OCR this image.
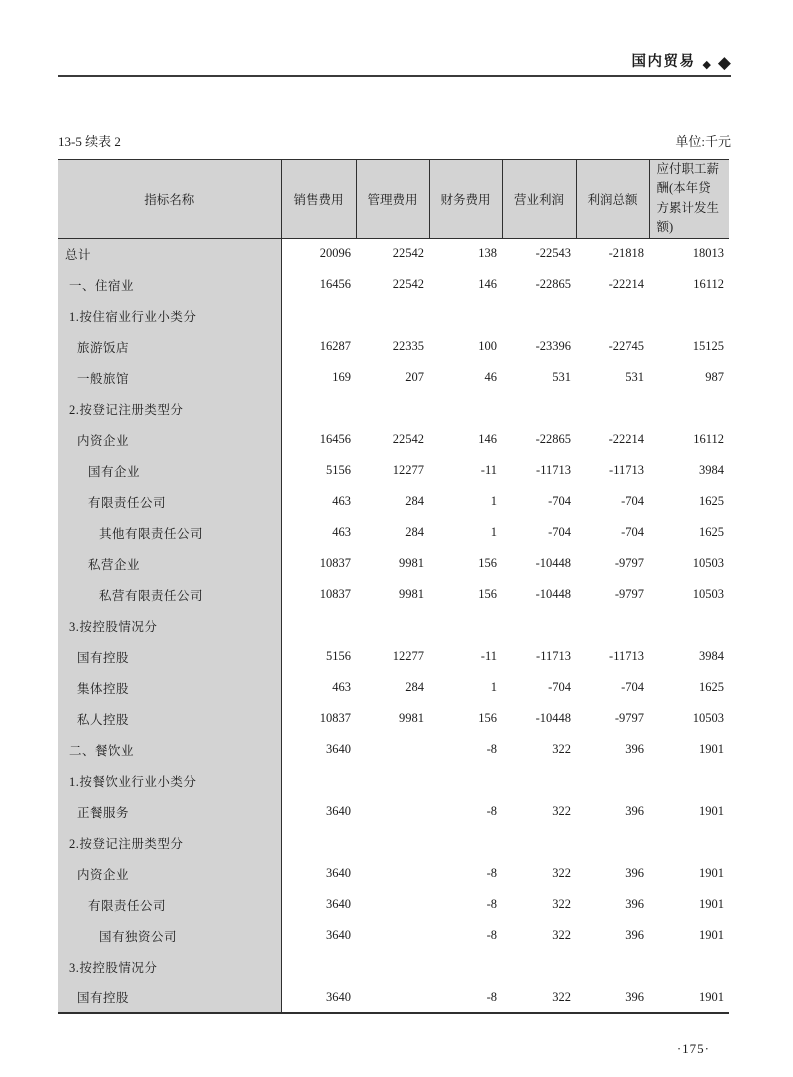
国内贸易 ◆ ◆
13-5 续表 2	单位:千元
指标名称	销售费用	管理费用	财务费用	营业利润	利润总额	应付职工薪酬(本年贷方累计发生额)
总计	20096	22542	138	-22543	-21818	18013
一、住宿业	16456	22542	146	-22865	-22214	16112
1.按住宿业行业小类分						
旅游饭店	16287	22335	100	-23396	-22745	15125
一般旅馆	169	207	46	531	531	987
2.按登记注册类型分						
内资企业	16456	22542	146	-22865	-22214	16112
国有企业	5156	12277	-11	-11713	-11713	3984
有限责任公司	463	284	1	-704	-704	1625
其他有限责任公司	463	284	1	-704	-704	1625
私营企业	10837	9981	156	-10448	-9797	10503
私营有限责任公司	10837	9981	156	-10448	-9797	10503
3.按控股情况分						
国有控股	5156	12277	-11	-11713	-11713	3984
集体控股	463	284	1	-704	-704	1625
私人控股	10837	9981	156	-10448	-9797	10503
二、餐饮业	3640		-8	322	396	1901
1.按餐饮业行业小类分						
正餐服务	3640		-8	322	396	1901
2.按登记注册类型分						
内资企业	3640		-8	322	396	1901
有限责任公司	3640		-8	322	396	1901
国有独资公司	3640		-8	322	396	1901
3.按控股情况分						
国有控股	3640		-8	322	396	1901
·175·
